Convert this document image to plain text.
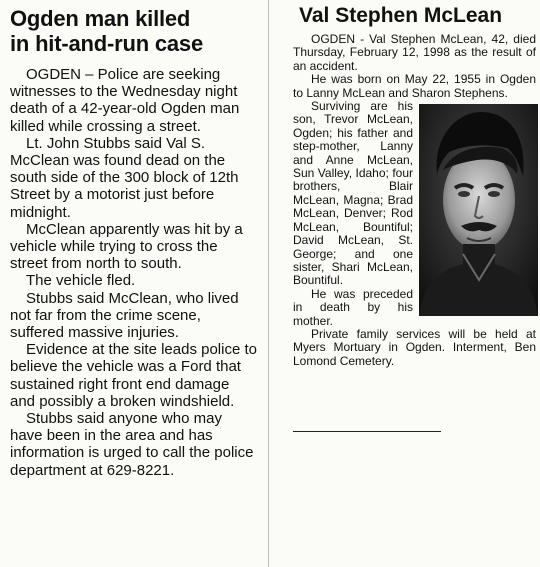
Ogden man killed
in hit-and-run case

OGDEN – Police are seeking witnesses to the Wednesday night death of a 42-year-old Ogden man killed while crossing a street.

Lt. John Stubbs said Val S. McClean was found dead on the south side of the 300 block of 12th Street by a motorist just before midnight.

McClean apparently was hit by a vehicle while trying to cross the street from north to south.

The vehicle fled.

Stubbs said McClean, who lived not far from the crime scene, suffered massive injuries.

Evidence at the site leads police to believe the vehicle was a Ford that sustained right front end damage and possibly a broken windshield.

Stubbs said anyone who may have been in the area and has information is urged to call the police department at 629-8221.

Val Stephen McLean

OGDEN - Val Stephen McLean, 42, died Thursday, February 12, 1998 as the result of an accident.

He was born on May 22, 1955 in Ogden to Lanny McLean and Sharon Stephens.

Surviving are his son, Trevor McLean, Ogden; his father and step-mother, Lanny and Anne McLean, Sun Valley, Idaho; four brothers, Blair McLean, Magna; Brad McLean, Denver; Rod McLean, Bountiful; David McLean, St. George; and one sister, Shari McLean, Bountiful.

He was preceded in death by his mother.

Private family services will be held at Myers Mortuary in Ogden. Interment, Ben Lomond Cemetery.
